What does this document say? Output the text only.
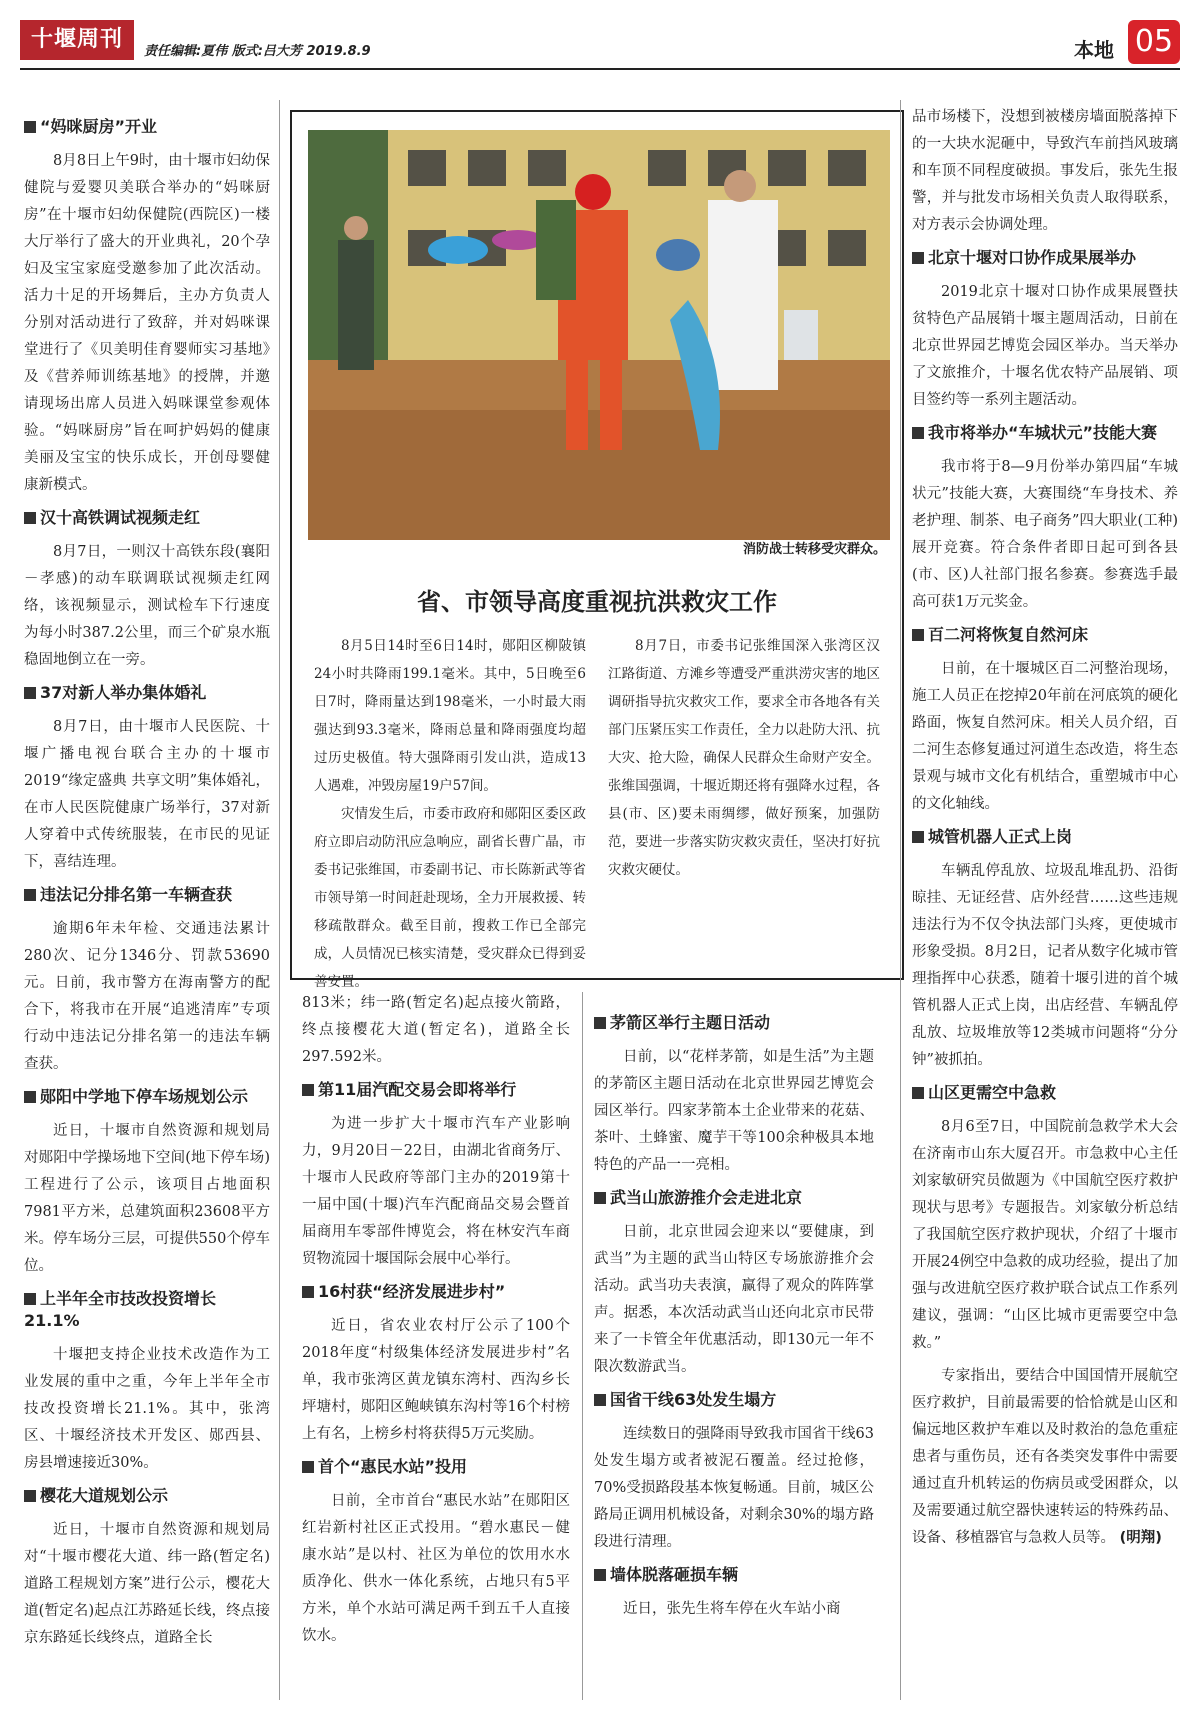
十堰周刊	责任编辑:夏伟 版式:吕大芳 2019.8.9	本地 05
“妈咪厨房”开业

8月8日上午9时，由十堰市妇幼保健院与爱婴贝美联合举办的“妈咪厨房”在十堰市妇幼保健院(西院区)一楼大厅举行了盛大的开业典礼，20个孕妇及宝宝家庭受邀参加了此次活动。活力十足的开场舞后，主办方负责人分别对活动进行了致辞，并对妈咪课堂进行了《贝美明佳育婴师实习基地》及《营养师训练基地》的授牌，并邀请现场出席人员进入妈咪课堂参观体验。“妈咪厨房”旨在呵护妈妈的健康美丽及宝宝的快乐成长，开创母婴健康新模式。

汉十高铁调试视频走红

8月7日，一则汉十高铁东段(襄阳－孝感)的动车联调联试视频走红网络，该视频显示，测试检车下行速度为每小时387.2公里，而三个矿泉水瓶稳固地倒立在一旁。

37对新人举办集体婚礼

8月7日，由十堰市人民医院、十堰广播电视台联合主办的十堰市2019“缘定盛典 共享文明”集体婚礼，在市人民医院健康广场举行，37对新人穿着中式传统服装，在市民的见证下，喜结连理。

违法记分排名第一车辆查获

逾期6年未年检、交通违法累计280次、记分1346分、罚款53690元。日前，我市警方在海南警方的配合下，将我市在开展“追逃清库”专项行动中违法记分排名第一的违法车辆查获。

郧阳中学地下停车场规划公示

近日，十堰市自然资源和规划局对郧阳中学操场地下空间(地下停车场)工程进行了公示，该项目占地面积7981平方米，总建筑面积23608平方米。停车场分三层，可提供550个停车位。

上半年全市技改投资增长21.1%

十堰把支持企业技术改造作为工业发展的重中之重，今年上半年全市技改投资增长21.1%。其中，张湾区、十堰经济技术开发区、郧西县、房县增速接近30%。

樱花大道规划公示

近日，十堰市自然资源和规划局对“十堰市樱花大道、纬一路(暂定名)道路工程规划方案”进行公示，樱花大道(暂定名)起点江苏路延长线，终点接京东路延长线终点，道路全长

消防战士转移受灾群众。
省、市领导高度重视抗洪救灾工作

8月5日14时至6日14时，郧阳区柳陂镇24小时共降雨199.1毫米。其中，5日晚至6日7时，降雨量达到198毫米，一小时最大雨强达到93.3毫米，降雨总量和降雨强度均超过历史极值。特大强降雨引发山洪，造成13人遇难，冲毁房屋19户57间。

灾情发生后，市委市政府和郧阳区委区政府立即启动防汛应急响应，副省长曹广晶，市委书记张维国，市委副书记、市长陈新武等省市领导第一时间赶赴现场，全力开展救援、转移疏散群众。截至目前，搜救工作已全部完成，人员情况已核实清楚，受灾群众已得到妥善安置。

8月7日，市委书记张维国深入张湾区汉江路街道、方滩乡等遭受严重洪涝灾害的地区调研指导抗灾救灾工作，要求全市各地各有关部门压紧压实工作责任，全力以赴防大汛、抗大灾、抢大险，确保人民群众生命财产安全。张维国强调，十堰近期还将有强降水过程，各县(市、区)要未雨绸缪，做好预案，加强防范，要进一步落实防灾救灾责任，坚决打好抗灾救灾硬仗。

813米；纬一路(暂定名)起点接火箭路，终点接樱花大道(暂定名)，道路全长297.592米。

第11届汽配交易会即将举行

为进一步扩大十堰市汽车产业影响力，9月20日－22日，由湖北省商务厅、十堰市人民政府等部门主办的2019第十一届中国(十堰)汽车汽配商品交易会暨首届商用车零部件博览会，将在林安汽车商贸物流园十堰国际会展中心举行。

16村获“经济发展进步村”

近日，省农业农村厅公示了100个2018年度“村级集体经济发展进步村”名单，我市张湾区黄龙镇东湾村、西沟乡长坪塘村，郧阳区鲍峡镇东沟村等16个村榜上有名，上榜乡村将获得5万元奖励。

首个“惠民水站”投用

日前，全市首台“惠民水站”在郧阳区红岩新村社区正式投用。“碧水惠民－健康水站”是以村、社区为单位的饮用水水质净化、供水一体化系统，占地只有5平方米，单个水站可满足两千到五千人直接饮水。

茅箭区举行主题日活动

日前，以“花样茅箭，如是生活”为主题的茅箭区主题日活动在北京世界园艺博览会园区举行。四家茅箭本土企业带来的花菇、茶叶、土蜂蜜、魔芋干等100余种极具本地特色的产品一一亮相。

武当山旅游推介会走进北京

日前，北京世园会迎来以“要健康，到武当”为主题的武当山特区专场旅游推介会活动。武当功夫表演，赢得了观众的阵阵掌声。据悉，本次活动武当山还向北京市民带来了一卡管全年优惠活动，即130元一年不限次数游武当。

国省干线63处发生塌方

连续数日的强降雨导致我市国省干线63处发生塌方或者被泥石覆盖。经过抢修，70%受损路段基本恢复畅通。目前，城区公路局正调用机械设备，对剩余30%的塌方路段进行清理。

墙体脱落砸损车辆

近日，张先生将车停在火车站小商

品市场楼下，没想到被楼房墙面脱落掉下的一大块水泥砸中，导致汽车前挡风玻璃和车顶不同程度破损。事发后，张先生报警，并与批发市场相关负责人取得联系，对方表示会协调处理。

北京十堰对口协作成果展举办

2019北京十堰对口协作成果展暨扶贫特色产品展销十堰主题周活动，日前在北京世界园艺博览会园区举办。当天举办了文旅推介，十堰名优农特产品展销、项目签约等一系列主题活动。

我市将举办“车城状元”技能大赛

我市将于8—9月份举办第四届“车城状元”技能大赛，大赛围绕“车身技术、养老护理、制茶、电子商务”四大职业(工种)展开竞赛。符合条件者即日起可到各县(市、区)人社部门报名参赛。参赛选手最高可获1万元奖金。

百二河将恢复自然河床

日前，在十堰城区百二河整治现场，施工人员正在挖掉20年前在河底筑的硬化路面，恢复自然河床。相关人员介绍，百二河生态修复通过河道生态改造，将生态景观与城市文化有机结合，重塑城市中心的文化轴线。

城管机器人正式上岗

车辆乱停乱放、垃圾乱堆乱扔、沿街晾挂、无证经营、店外经营……这些违规违法行为不仅令执法部门头疼，更使城市形象受损。8月2日，记者从数字化城市管理指挥中心获悉，随着十堰引进的首个城管机器人正式上岗，出店经营、车辆乱停乱放、垃圾堆放等12类城市问题将“分分钟”被抓拍。

山区更需空中急救

8月6至7日，中国院前急救学术大会在济南市山东大厦召开。市急救中心主任刘家敏研究员做题为《中国航空医疗救护现状与思考》专题报告。刘家敏分析总结了我国航空医疗救护现状，介绍了十堰市开展24例空中急救的成功经验，提出了加强与改进航空医疗救护联合试点工作系列建议，强调：“山区比城市更需要空中急救。”

专家指出，要结合中国国情开展航空医疗救护，目前最需要的恰恰就是山区和偏远地区救护车难以及时救治的急危重症患者与重伤员，还有各类突发事件中需要通过直升机转运的伤病员或受困群众，以及需要通过航空器快速转运的特殊药品、设备、移植器官与急救人员等。 (明翔)
